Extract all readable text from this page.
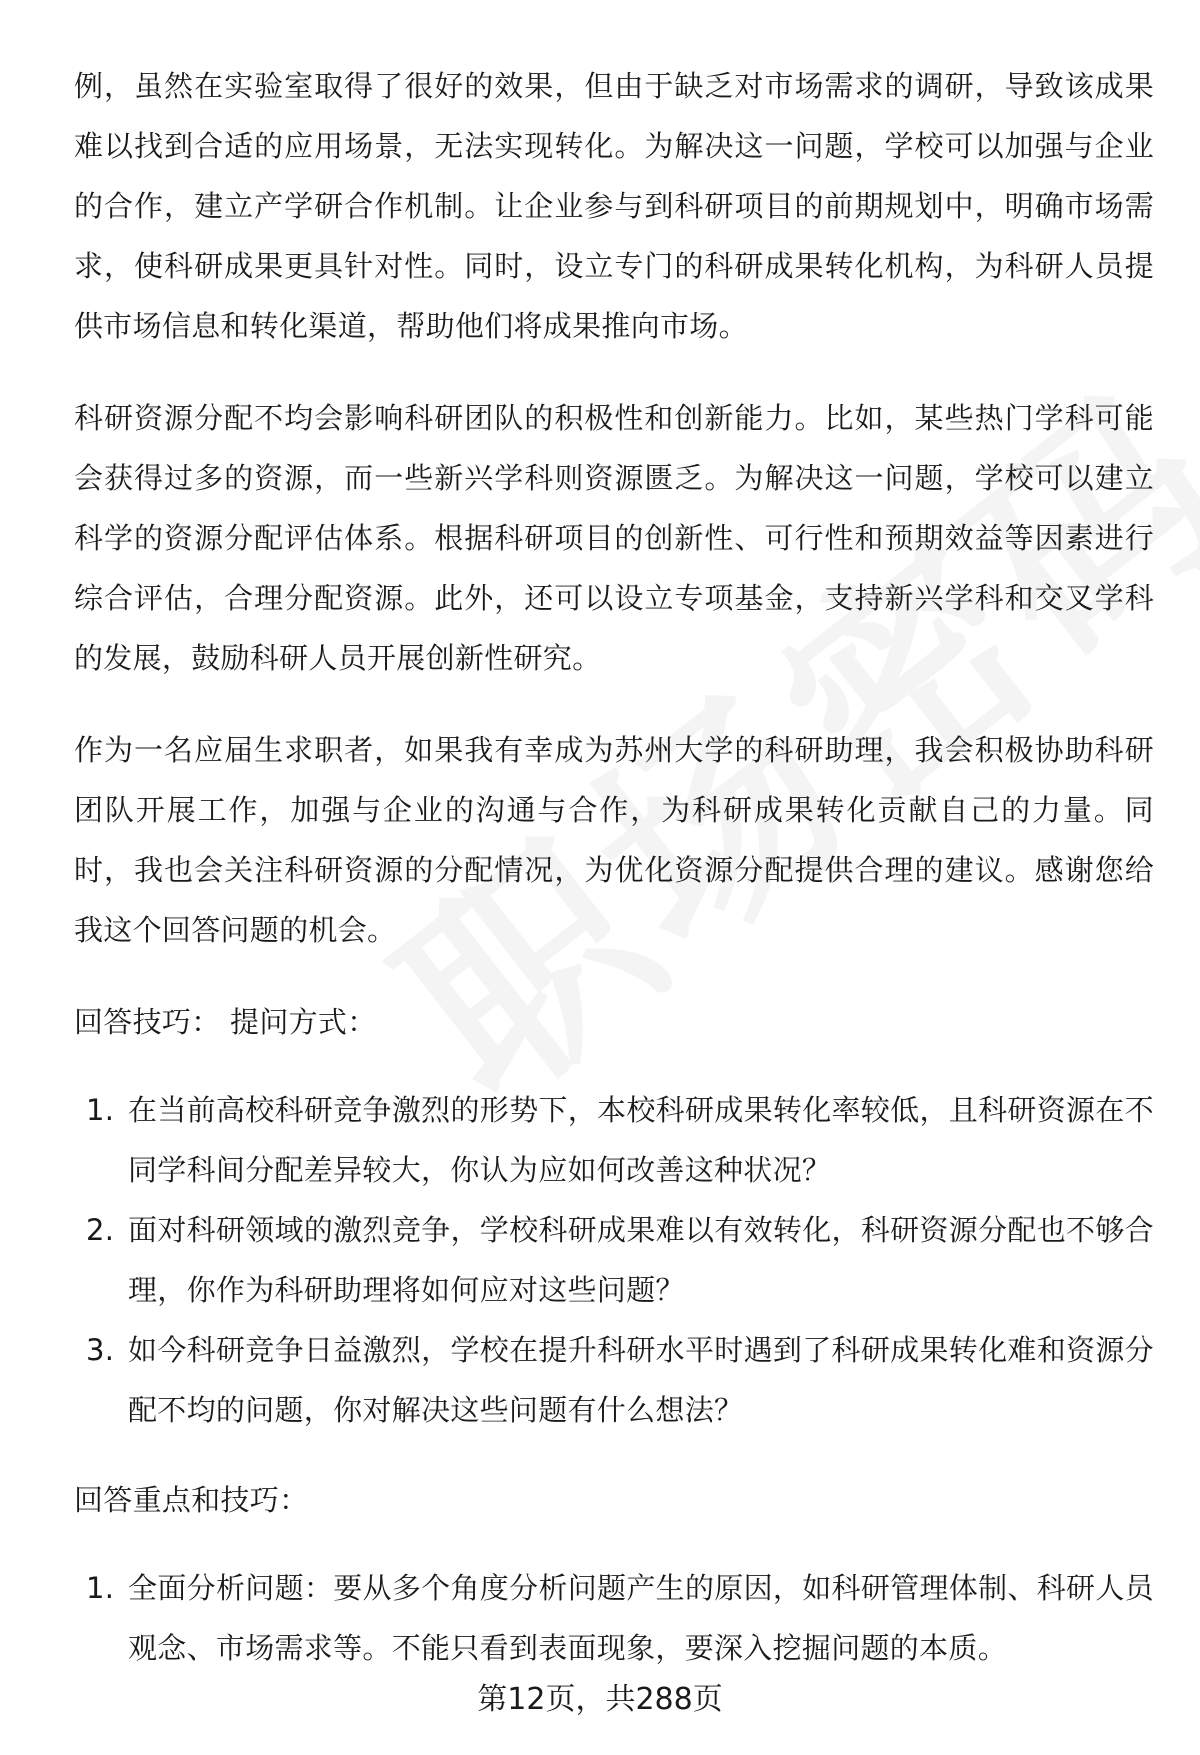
例，虽然在实验室取得了很好的效果，但由于缺乏对市场需求的调研，导致该成果难以找到合适的应用场景，无法实现转化。为解决这一问题，学校可以加强与企业的合作，建立产学研合作机制。让企业参与到科研项目的前期规划中，明确市场需求，使科研成果更具针对性。同时，设立专门的科研成果转化机构，为科研人员提供市场信息和转化渠道，帮助他们将成果推向市场。

科研资源分配不均会影响科研团队的积极性和创新能力。比如，某些热门学科可能会获得过多的资源，而一些新兴学科则资源匮乏。为解决这一问题，学校可以建立科学的资源分配评估体系。根据科研项目的创新性、可行性和预期效益等因素进行综合评估，合理分配资源。此外，还可以设立专项基金，支持新兴学科和交叉学科的发展，鼓励科研人员开展创新性研究。

作为一名应届生求职者，如果我有幸成为苏州大学的科研助理，我会积极协助科研团队开展工作，加强与企业的沟通与合作，为科研成果转化贡献自己的力量。同时，我也会关注科研资源的分配情况，为优化资源分配提供合理的建议。感谢您给我这个回答问题的机会。

回答技巧： 提问方式：
1. 在当前高校科研竞争激烈的形势下，本校科研成果转化率较低，且科研资源在不同学科间分配差异较大，你认为应如何改善这种状况？
2. 面对科研领域的激烈竞争，学校科研成果难以有效转化，科研资源分配也不够合理，你作为科研助理将如何应对这些问题？
3. 如今科研竞争日益激烈，学校在提升科研水平时遇到了科研成果转化难和资源分配不均的问题，你对解决这些问题有什么想法？
回答重点和技巧：
1. 全面分析问题：要从多个角度分析问题产生的原因，如科研管理体制、科研人员观念、市场需求等。不能只看到表面现象，要深入挖掘问题的本质。
第12页，共288页
